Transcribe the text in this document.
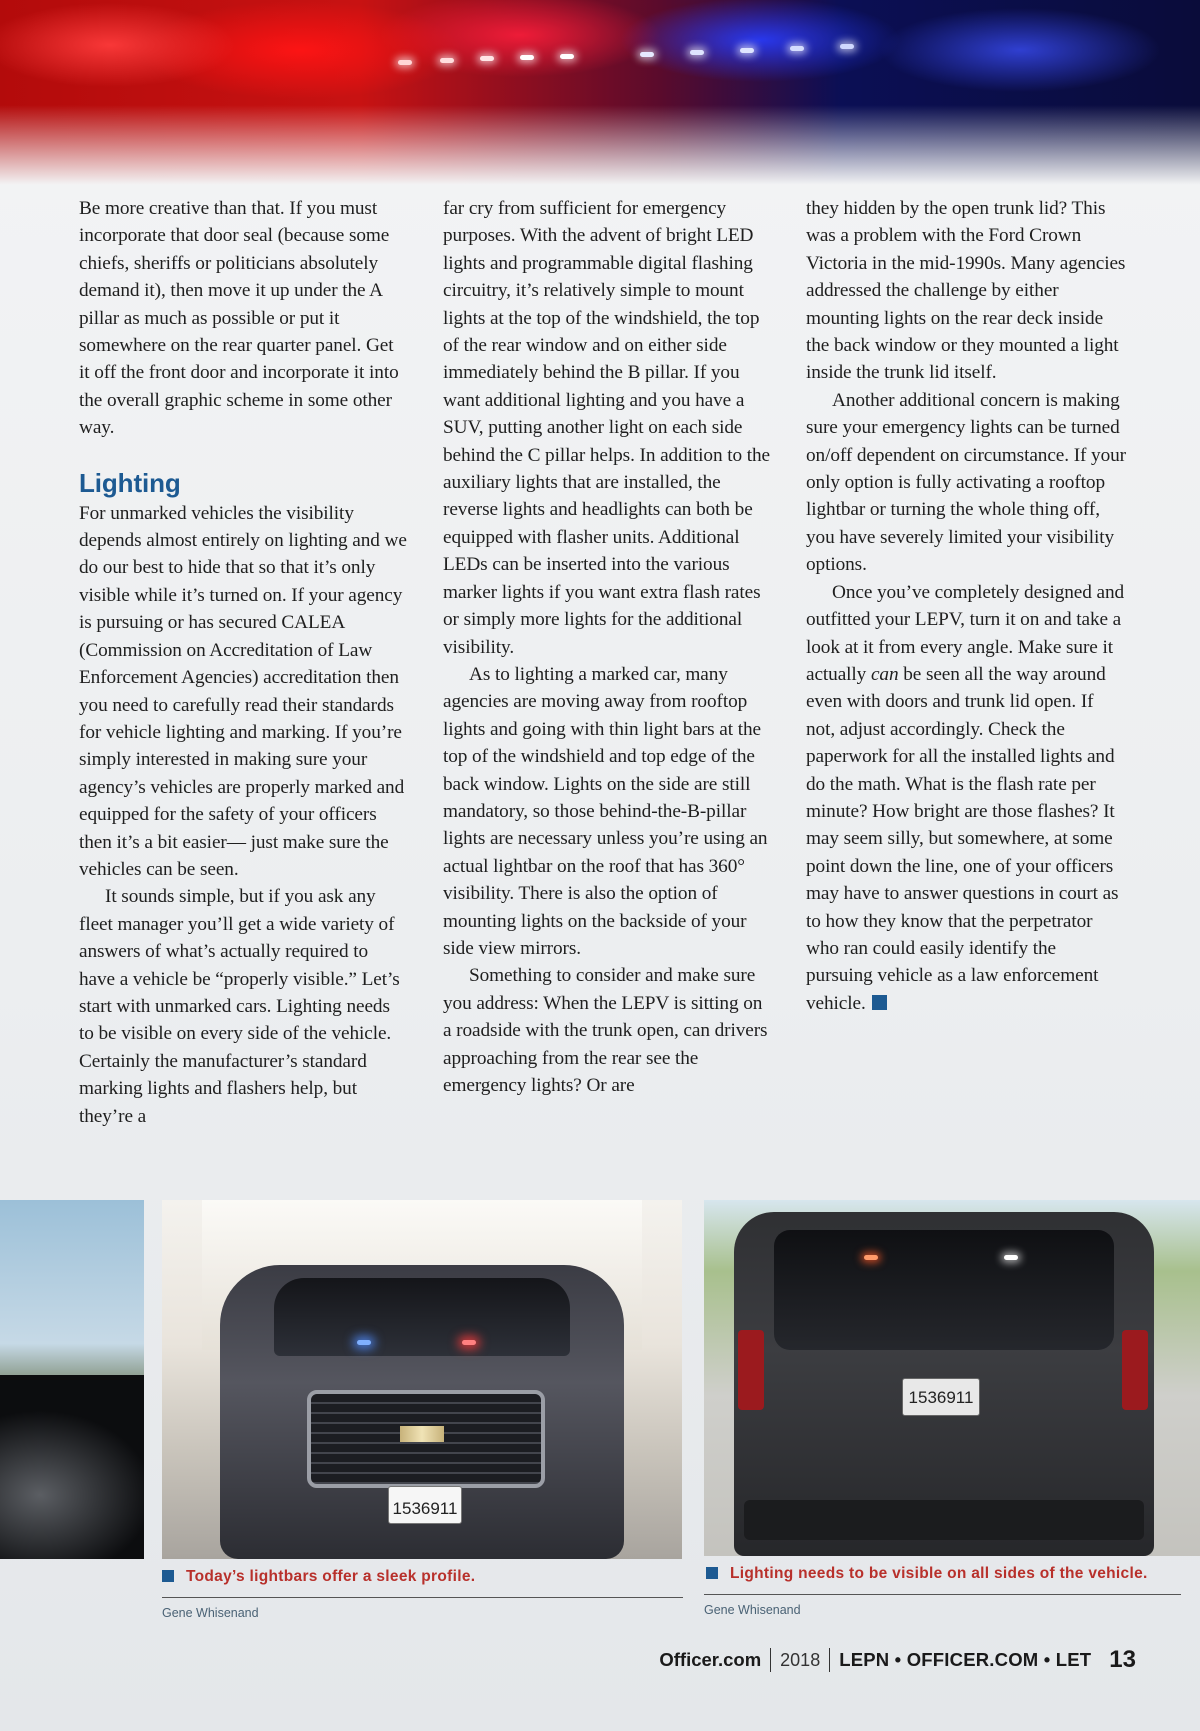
Be more creative than that. If you must incorporate that door seal (because some chiefs, sheriffs or politicians absolutely demand it), then move it up under the A pillar as much as possible or put it somewhere on the rear quarter panel. Get it off the front door and incorporate it into the overall graphic scheme in some other way.

Lighting

For unmarked vehicles the visibility depends almost entirely on lighting and we do our best to hide that so that it’s only visible while it’s turned on. If your agency is pursuing or has secured CALEA (Commission on Accreditation of Law Enforcement Agencies) accreditation then you need to carefully read their standards for vehicle lighting and marking. If you’re simply interested in making sure your agency’s vehicles are properly marked and equipped for the safety of your officers then it’s a bit easier— just make sure the vehicles can be seen.

It sounds simple, but if you ask any fleet manager you’ll get a wide variety of answers of what’s actually required to have a vehicle be “properly visible.” Let’s start with unmarked cars. Lighting needs to be visible on every side of the vehicle. Certainly the manufacturer’s standard marking lights and flashers help, but they’re a

far cry from sufficient for emergency purposes. With the advent of bright LED lights and programmable digital flashing circuitry, it’s relatively simple to mount lights at the top of the windshield, the top of the rear window and on either side immediately behind the B pillar. If you want additional lighting and you have a SUV, putting another light on each side behind the C pillar helps. In addition to the auxiliary lights that are installed, the reverse lights and headlights can both be equipped with flasher units. Additional LEDs can be inserted into the various marker lights if you want extra flash rates or simply more lights for the additional visibility.

As to lighting a marked car, many agencies are moving away from rooftop lights and going with thin light bars at the top of the windshield and top edge of the back window. Lights on the side are still mandatory, so those behind-the-B-pillar lights are necessary unless you’re using an actual lightbar on the roof that has 360° visibility. There is also the option of mounting lights on the backside of your side view mirrors.

Something to consider and make sure you address: When the LEPV is sitting on a roadside with the trunk open, can drivers approaching from the rear see the emergency lights? Or are

they hidden by the open trunk lid? This was a problem with the Ford Crown Victoria in the mid-1990s. Many agencies addressed the challenge by either mounting lights on the rear deck inside the back window or they mounted a light inside the trunk lid itself.

Another additional concern is making sure your emergency lights can be turned on/off dependent on circumstance. If your only option is fully activating a rooftop lightbar or turning the whole thing off, you have severely limited your visibility options.

Once you’ve completely designed and outfitted your LEPV, turn it on and take a look at it from every angle. Make sure it actually can be seen all the way around even with doors and trunk lid open. If not, adjust accordingly. Check the paperwork for all the installed lights and do the math. What is the flash rate per minute? How bright are those flashes? It may seem silly, but somewhere, at some point down the line, one of your officers may have to answer questions in court as to how they know that the perpetrator who ran could easily identify the pursuing vehicle as a law enforcement vehicle.

1536911
1536911
Today’s lightbars offer a sleek profile.
Gene Whisenand
Lighting needs to be visible on all sides of the vehicle.
Gene Whisenand
Officer.com 2018 LEPN • OFFICER.COM • LET 13
